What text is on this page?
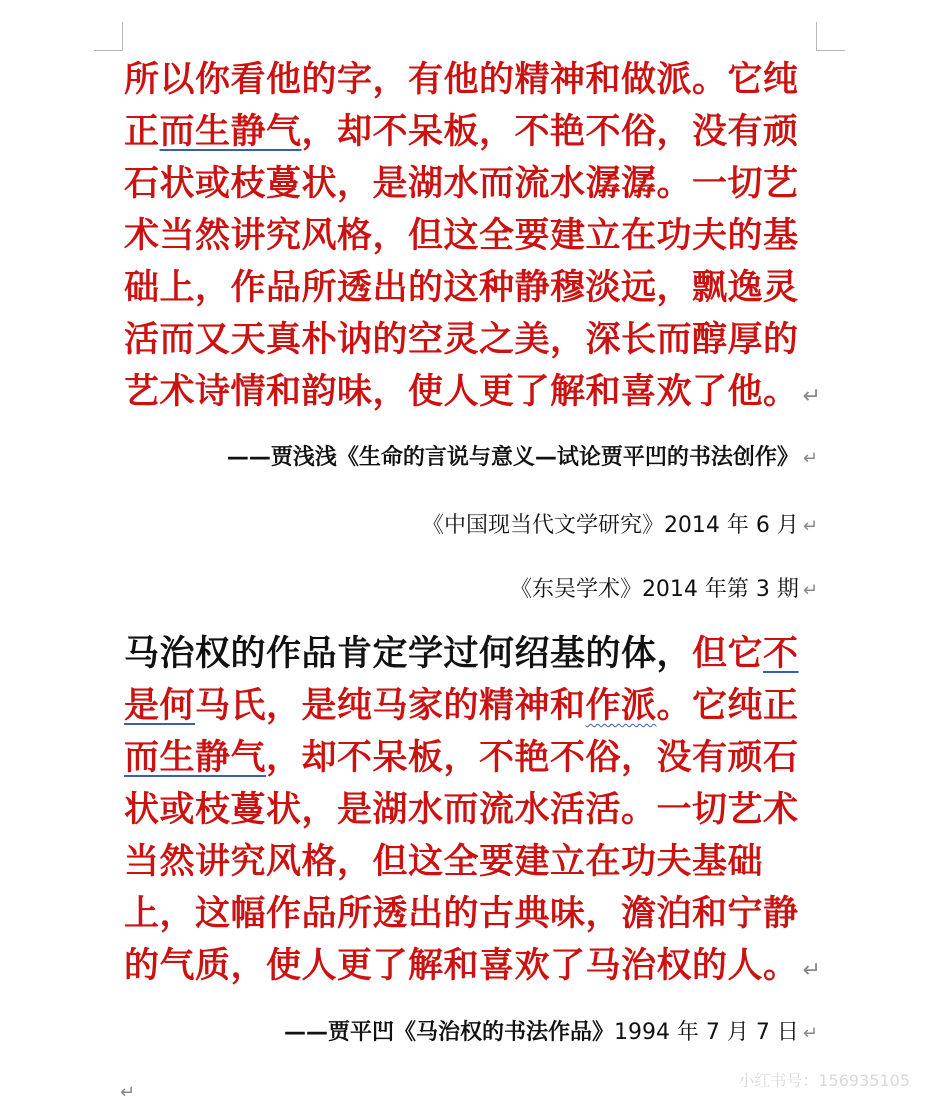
所以你看他的字，有他的精神和做派。它纯
正而生静气，却不呆板，不艳不俗，没有顽
石状或枝蔓状，是湖水而流水潺潺。一切艺
术当然讲究风格，但这全要建立在功夫的基
础上，作品所透出的这种静穆淡远，飘逸灵
活而又天真朴讷的空灵之美，深长而醇厚的
艺术诗情和韵味，使人更了解和喜欢了他。 ↵
——贾浅浅《生命的言说与意义—试论贾平凹的书法创作》 ↵
《中国现当代文学研究》2014 年 6 月 ↵
《东吴学术》2014 年第 3 期 ↵
马治权的作品肯定学过何绍基的体，但它不是何马氏，是纯马家的精神和作派。它纯正而生静气，却不呆板，不艳不俗，没有顽石状或枝蔓状，是湖水而流水活活。一切艺术当然讲究风格，但这全要建立在功夫基础上，这幅作品所透出的古典味，澹泊和宁静的气质，使人更了解和喜欢了马治权的人。 ↵
——贾平凹《马治权的书法作品》1994 年 7 月 7 日 ↵
↵
小红书号：156935105
